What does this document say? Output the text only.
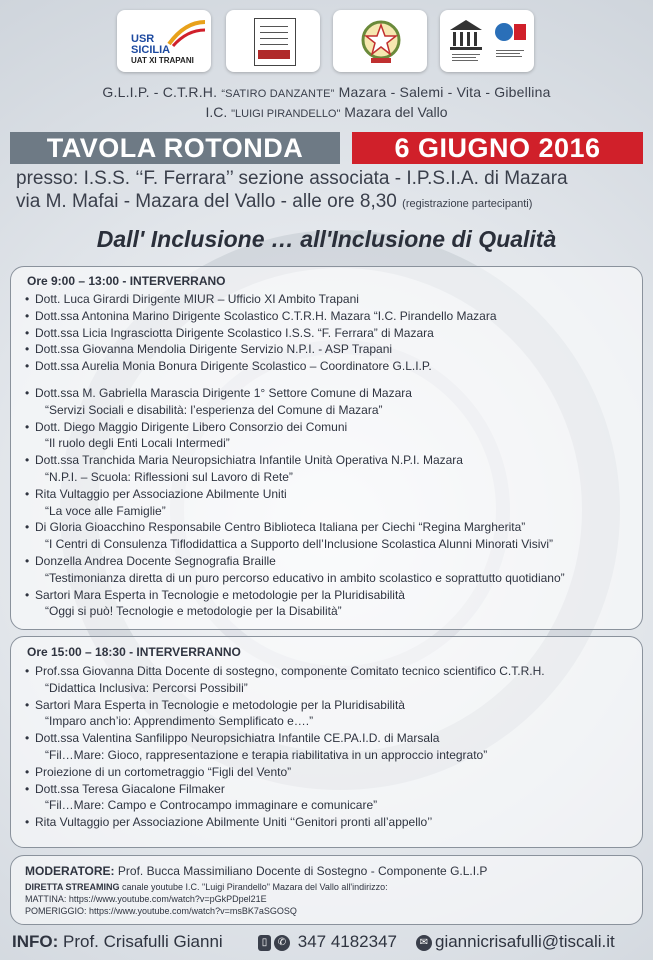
USR
SICILIA
UAT XI TRAPANI
G.L.I.P. - C.T.R.H. “SATIRO DANZANTE” Mazara - Salemi - Vita - Gibellina
I.C. "LUIGI PIRANDELLO" Mazara del Vallo
TAVOLA ROTONDA	6 GIUGNO 2016
presso: I.S.S. ‘‘F. Ferrara’’ sezione associata - I.P.S.I.A. di Mazara
via M. Mafai - Mazara del Vallo - alle ore 8,30 (registrazione partecipanti)
Dall' Inclusione … all'Inclusione di Qualità
Ore 9:00 – 13:00 - INTERVERRANO
• Dott. Luca Girardi Dirigente MIUR – Ufficio XI Ambito Trapani
• Dott.ssa Antonina Marino Dirigente Scolastico C.T.R.H. Mazara “I.C. Pirandello Mazara
• Dott.ssa Licia Ingrasciotta Dirigente Scolastico I.S.S. “F. Ferrara” di Mazara
• Dott.ssa Giovanna Mendolia Dirigente Servizio N.P.I. - ASP Trapani
• Dott.ssa Aurelia Monia Bonura Dirigente Scolastico – Coordinatore G.L.I.P.
• Dott.ssa M. Gabriella Marascia Dirigente 1° Settore Comune di Mazara
“Servizi Sociali e disabilità: l’esperienza del Comune di Mazara”
• Dott. Diego Maggio Dirigente Libero Consorzio dei Comuni
“Il ruolo degli Enti Locali Intermedi”
• Dott.ssa Tranchida Maria Neuropsichiatra Infantile Unità Operativa N.P.I. Mazara
“N.P.I. – Scuola: Riflessioni sul Lavoro di Rete”
• Rita Vultaggio per Associazione Abilmente Uniti
“La voce alle Famiglie”
• Di Gloria Gioacchino Responsabile Centro Biblioteca Italiana per Ciechi “Regina Margherita”
“I Centri di Consulenza Tiflodidattica a Supporto dell’Inclusione Scolastica Alunni Minorati Visivi”
• Donzella Andrea Docente Segnografia Braille
“Testimonianza diretta di un puro percorso educativo in ambito scolastico e soprattutto quotidiano”
• Sartori Mara Esperta in Tecnologie e metodologie per la Pluridisabilità
“Oggi si può! Tecnologie e metodologie per la Disabilità”
Ore 15:00 – 18:30 - INTERVERRANNO
• Prof.ssa Giovanna Ditta Docente di sostegno, componente Comitato tecnico scientifico C.T.R.H.
“Didattica Inclusiva: Percorsi Possibili”
• Sartori Mara Esperta in Tecnologie e metodologie per la Pluridisabilità
“Imparo anch’io: Apprendimento Semplificato e….”
• Dott.ssa Valentina Sanfilippo Neuropsichiatra Infantile CE.PA.I.D. di Marsala
“Fil…Mare: Gioco, rappresentazione e terapia riabilitativa in un approccio integrato”
• Proiezione di un cortometraggio “Figli del Vento”
• Dott.ssa Teresa Giacalone Filmaker
“Fil…Mare: Campo e Controcampo immaginare e comunicare”
• Rita Vultaggio per Associazione Abilmente Uniti ‘‘Genitori pronti all’appello’’
MODERATORE: Prof. Bucca Massimiliano Docente di Sostegno - Componente G.L.I.P
DIRETTA STREAMING canale youtube I.C. "Luigi Pirandello" Mazara del Vallo all'indirizzo:
MATTINA: https://www.youtube.com/watch?v=pGkPDpel21E
POMERIGGIO: https://www.youtube.com/watch?v=msBK7aSGOSQ
INFO: Prof. Crisafulli Gianni	▯ ✆ 347 4182347	✉ giannicrisafulli@tiscali.it
